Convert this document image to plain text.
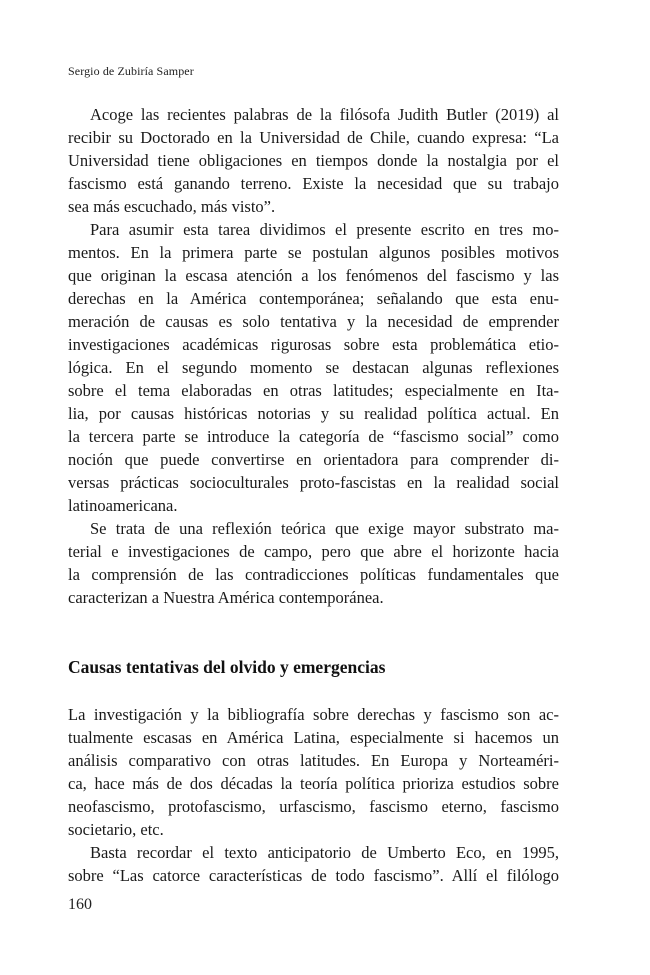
Sergio de Zubiría Samper

Acoge las recientes palabras de la filósofa Judith Butler (2019) al
recibir su Doctorado en la Universidad de Chile, cuando expresa: “La
Universidad tiene obligaciones en tiempos donde la nostalgia por el
fascismo está ganando terreno. Existe la necesidad que su trabajo
sea más escuchado, más visto”.

Para asumir esta tarea dividimos el presente escrito en tres mo-
mentos. En la primera parte se postulan algunos posibles motivos
que originan la escasa atención a los fenómenos del fascismo y las
derechas en la América contemporánea; señalando que esta enu-
meración de causas es solo tentativa y la necesidad de emprender
investigaciones académicas rigurosas sobre esta problemática etio-
lógica. En el segundo momento se destacan algunas reflexiones
sobre el tema elaboradas en otras latitudes; especialmente en Ita-
lia, por causas históricas notorias y su realidad política actual. En
la tercera parte se introduce la categoría de “fascismo social” como
noción que puede convertirse en orientadora para comprender di-
versas prácticas socioculturales proto-fascistas en la realidad social
latinoamericana.

Se trata de una reflexión teórica que exige mayor substrato ma-
terial e investigaciones de campo, pero que abre el horizonte hacia
la comprensión de las contradicciones políticas fundamentales que
caracterizan a Nuestra América contemporánea.

Causas tentativas del olvido y emergencias

La investigación y la bibliografía sobre derechas y fascismo son ac-
tualmente escasas en América Latina, especialmente si hacemos un
análisis comparativo con otras latitudes. En Europa y Norteaméri-
ca, hace más de dos décadas la teoría política prioriza estudios sobre
neofascismo, protofascismo, urfascismo, fascismo eterno, fascismo
societario, etc.

Basta recordar el texto anticipatorio de Umberto Eco, en 1995,
sobre “Las catorce características de todo fascismo”. Allí el filólogo

160
